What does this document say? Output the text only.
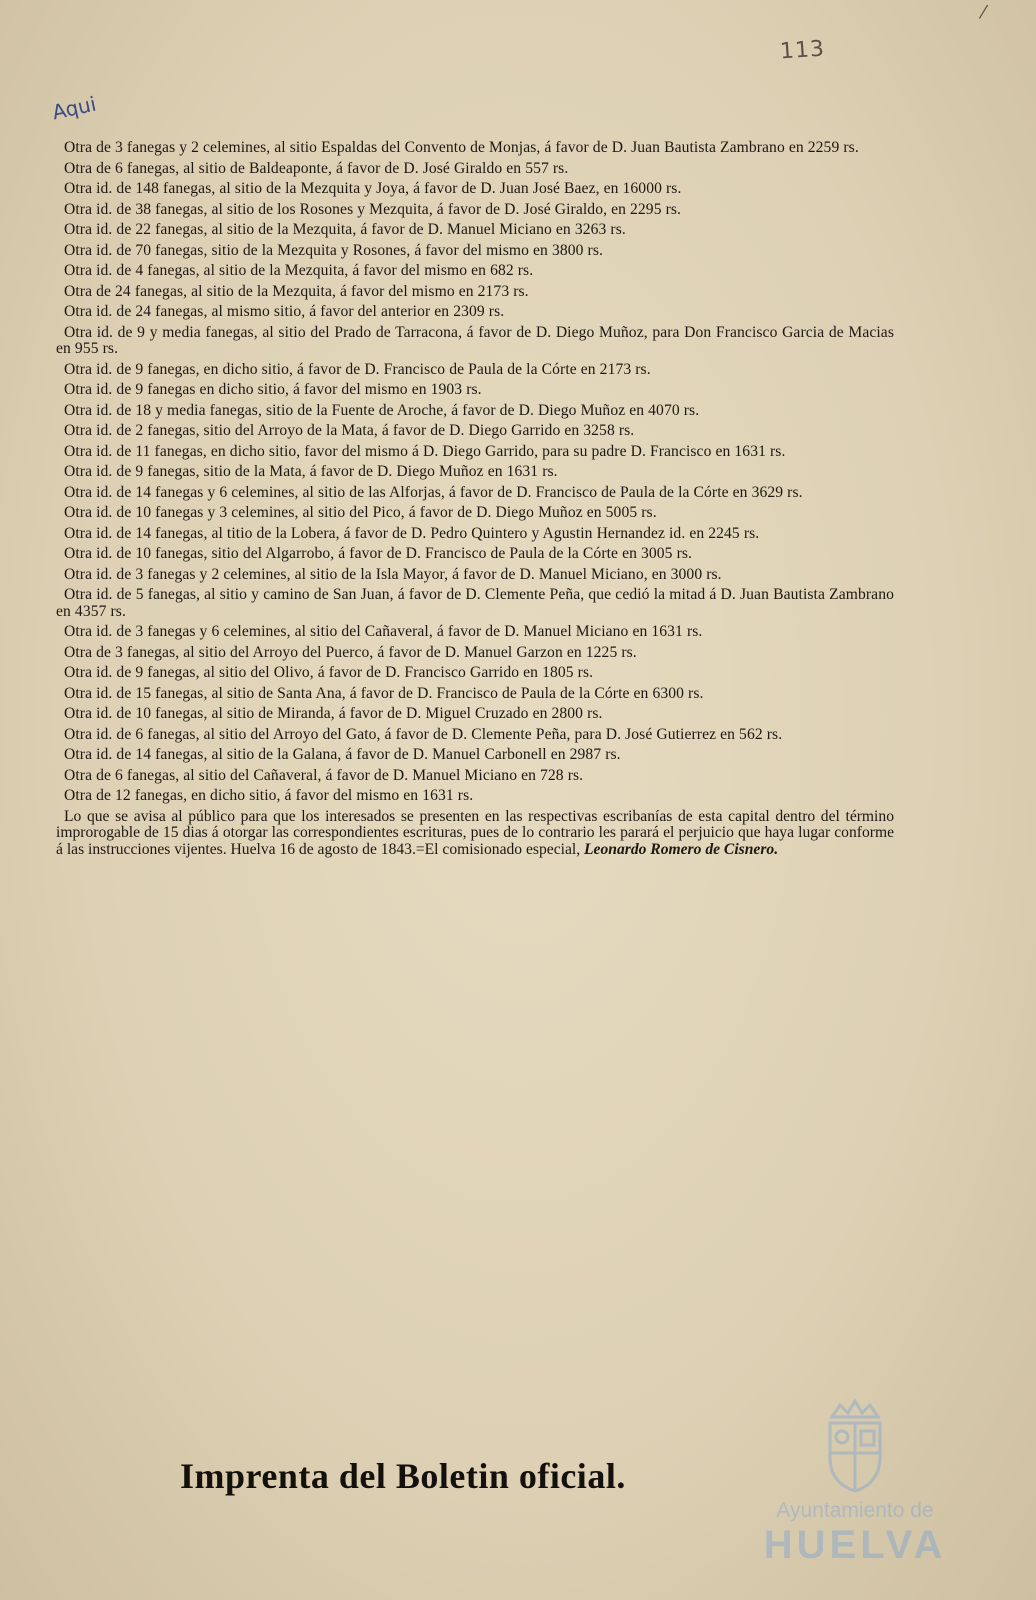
⁄
113
Aqui

Otra de 3 fanegas y 2 celemines, al sitio Espaldas del Convento de Monjas, á favor de D. Juan Bautista Zambrano en 2259 rs.

Otra de 6 fanegas, al sitio de Baldeaponte, á favor de D. José Giraldo en 557 rs.

Otra id. de 148 fanegas, al sitio de la Mezquita y Joya, á favor de D. Juan José Baez, en 16000 rs.

Otra id. de 38 fanegas, al sitio de los Rosones y Mezquita, á favor de D. José Giraldo, en 2295 rs.

Otra id. de 22 fanegas, al sitio de la Mezquita, á favor de D. Manuel Miciano en 3263 rs.

Otra id. de 70 fanegas, sitio de la Mezquita y Rosones, á favor del mismo en 3800 rs.

Otra id. de 4 fanegas, al sitio de la Mezquita, á favor del mismo en 682 rs.

Otra de 24 fanegas, al sitio de la Mezquita, á favor del mismo en 2173 rs.

Otra id. de 24 fanegas, al mismo sitio, á favor del anterior en 2309 rs.

Otra id. de 9 y media fanegas, al sitio del Prado de Tarracona, á favor de D. Diego Muñoz, para Don Francisco Garcia de Macias en 955 rs.

Otra id. de 9 fanegas, en dicho sitio, á favor de D. Francisco de Paula de la Córte en 2173 rs.

Otra id. de 9 fanegas en dicho sitio, á favor del mismo en 1903 rs.

Otra id. de 18 y media fanegas, sitio de la Fuente de Aroche, á favor de D. Diego Muñoz en 4070 rs.

Otra id. de 2 fanegas, sitio del Arroyo de la Mata, á favor de D. Diego Garrido en 3258 rs.

Otra id. de 11 fanegas, en dicho sitio, favor del mismo á D. Diego Garrido, para su padre D. Francisco en 1631 rs.

Otra id. de 9 fanegas, sitio de la Mata, á favor de D. Diego Muñoz en 1631 rs.

Otra id. de 14 fanegas y 6 celemines, al sitio de las Alforjas, á favor de D. Francisco de Paula de la Córte en 3629 rs.

Otra id. de 10 fanegas y 3 celemines, al sitio del Pico, á favor de D. Diego Muñoz en 5005 rs.

Otra id. de 14 fanegas, al titio de la Lobera, á favor de D. Pedro Quintero y Agustin Hernandez id. en 2245 rs.

Otra id. de 10 fanegas, sitio del Algarrobo, á favor de D. Francisco de Paula de la Córte en 3005 rs.

Otra id. de 3 fanegas y 2 celemines, al sitio de la Isla Mayor, á favor de D. Manuel Miciano, en 3000 rs.

Otra id. de 5 fanegas, al sitio y camino de San Juan, á favor de D. Clemente Peña, que cedió la mitad á D. Juan Bautista Zambrano en 4357 rs.

Otra id. de 3 fanegas y 6 celemines, al sitio del Cañaveral, á favor de D. Manuel Miciano en 1631 rs.

Otra de 3 fanegas, al sitio del Arroyo del Puerco, á favor de D. Manuel Garzon en 1225 rs.

Otra id. de 9 fanegas, al sitio del Olivo, á favor de D. Francisco Garrido en 1805 rs.

Otra id. de 15 fanegas, al sitio de Santa Ana, á favor de D. Francisco de Paula de la Córte en 6300 rs.

Otra id. de 10 fanegas, al sitio de Miranda, á favor de D. Miguel Cruzado en 2800 rs.

Otra id. de 6 fanegas, al sitio del Arroyo del Gato, á favor de D. Clemente Peña, para D. José Gutierrez en 562 rs.

Otra id. de 14 fanegas, al sitio de la Galana, á favor de D. Manuel Carbonell en 2987 rs.

Otra de 6 fanegas, al sitio del Cañaveral, á favor de D. Manuel Miciano en 728 rs.

Otra de 12 fanegas, en dicho sitio, á favor del mismo en 1631 rs.

Lo que se avisa al público para que los interesados se presenten en las respectivas escribanías de esta capital dentro del término improrogable de 15 dias á otorgar las correspondientes escrituras, pues de lo contrario les parará el perjuicio que haya lugar conforme á las instrucciones vijentes. Huelva 16 de agosto de 1843.=El comisionado especial, Leonardo Romero de Cisnero.

Imprenta del Boletin oficial.
Ayuntamiento de
HUELVA
